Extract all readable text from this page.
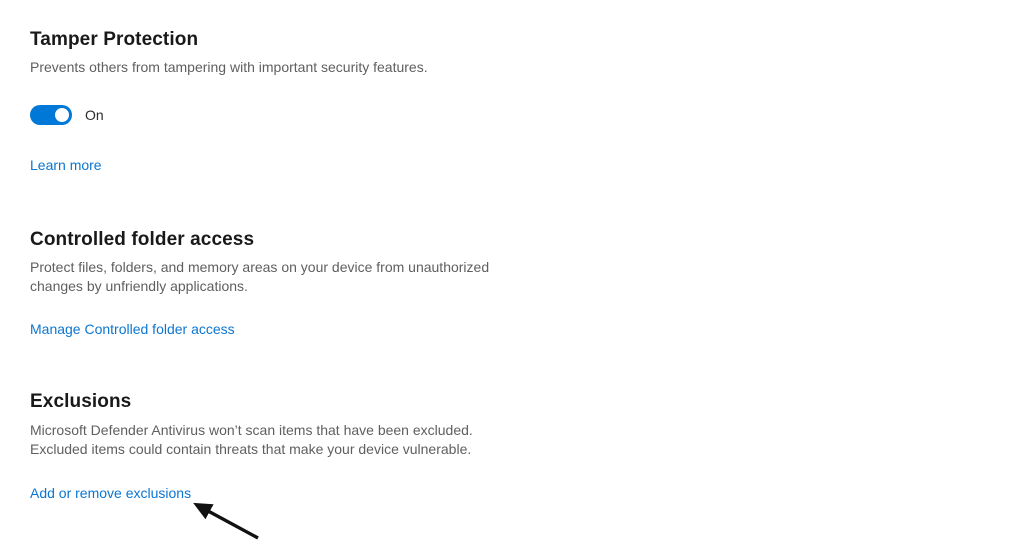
Tamper Protection

Prevents others from tampering with important security features.

On
Learn more
Controlled folder access

Protect files, folders, and memory areas on your device from unauthorized
changes by unfriendly applications.

Manage Controlled folder access
Exclusions

Microsoft Defender Antivirus won’t scan items that have been excluded.
Excluded items could contain threats that make your device vulnerable.

Add or remove exclusions
